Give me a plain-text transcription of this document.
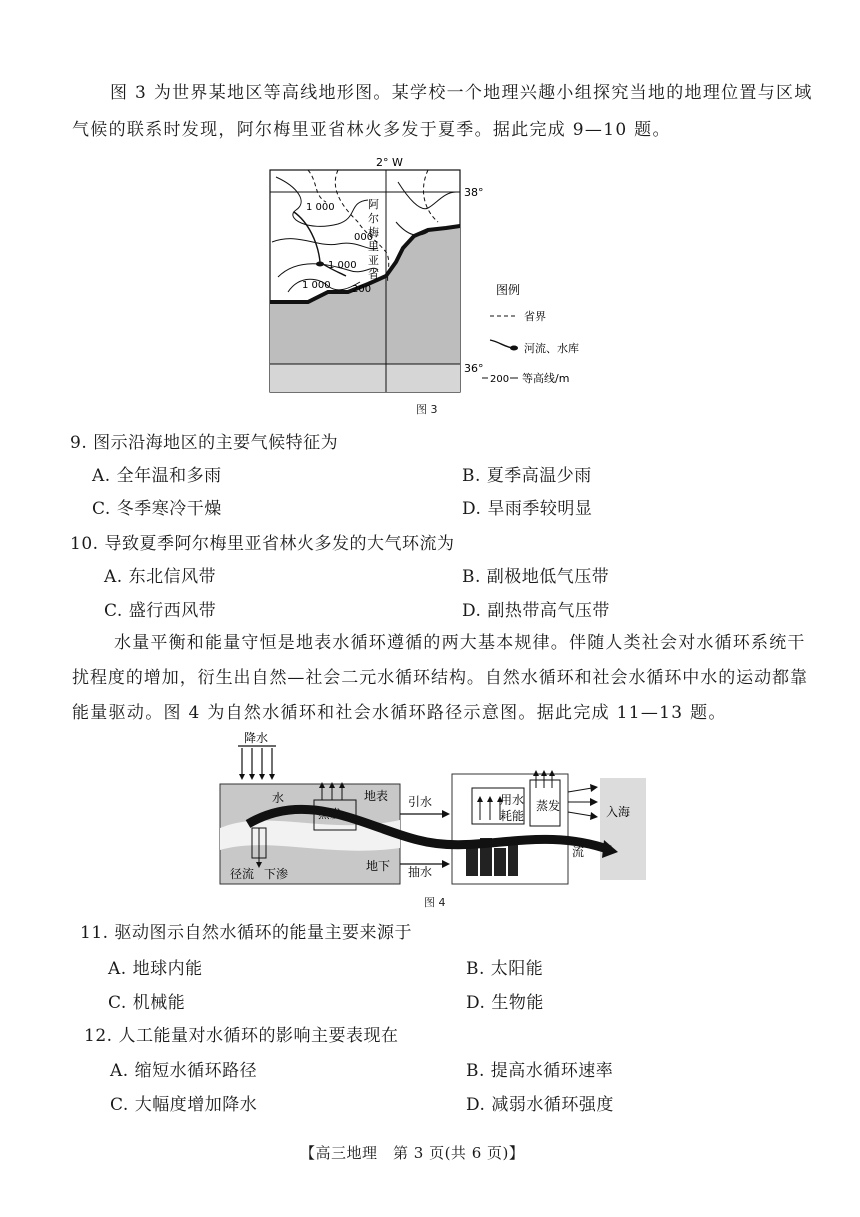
图 3 为世界某地区等高线地形图。某学校一个地理兴趣小组探究当地的地理位置与区域
气候的联系时发现，阿尔梅里亚省林火多发于夏季。据此完成 9—10 题。
2° W
38°
36°
1 000
000
1 000
1 000 200
阿
尔
梅
里
亚
省
图例
省界
河流、水库
200 等高线/m
图 3
9. 图示沿海地区的主要气候特征为
A. 全年温和多雨	B. 夏季高温少雨
C. 冬季寒冷干燥	D. 旱雨季较明显
10. 导致夏季阿尔梅里亚省林火多发的大气环流为
A. 东北信风带	B. 副极地低气压带
C. 盛行西风带	D. 副热带高气压带
水量平衡和能量守恒是地表水循环遵循的两大基本规律。伴随人类社会对水循环系统干
扰程度的增加，衍生出自然—社会二元水循环结构。自然水循环和社会水循环中水的运动都靠
能量驱动。图 4 为自然水循环和社会水循环路径示意图。据此完成 11—13 题。
降水
蒸发
水	地表
地下
径流 下渗
引水
抽水
用水
耗能
蒸发	入海
流
图 4
11. 驱动图示自然水循环的能量主要来源于
A. 地球内能	B. 太阳能
C. 机械能	D. 生物能
12. 人工能量对水循环的影响主要表现在
A. 缩短水循环路径	B. 提高水循环速率
C. 大幅度增加降水	D. 减弱水循环强度
【高三地理　第 3 页(共 6 页)】
